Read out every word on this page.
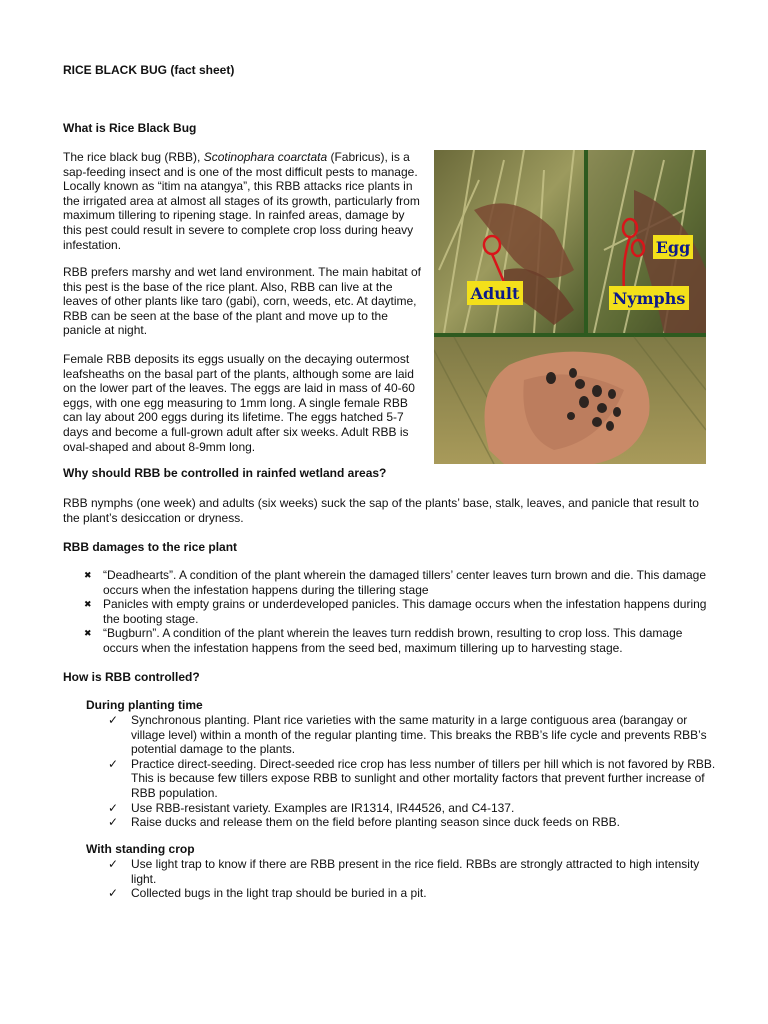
RICE BLACK BUG (fact sheet)
What is Rice Black Bug

The rice black bug (RBB), Scotinophara coarctata (Fabricus), is a sap-feeding insect and is one of the most difficult pests to manage. Locally known as “itim na atangya”, this RBB attacks rice plants in the irrigated area at almost all stages of its growth, particularly from maximum tillering to ripening stage. In rainfed areas, damage by this pest could result in severe to complete crop loss during heavy infestation.

RBB prefers marshy and wet land environment. The main habitat of this pest is the base of the rice plant. Also, RBB can live at the leaves of other plants like taro (gabi), corn, weeds, etc. At daytime, RBB can be seen at the base of the plant and move up to the panicle at night.

Female RBB deposits its eggs usually on the decaying outermost leafsheaths on the basal part of the plants, although some are laid on the lower part of the leaves. The eggs are laid in mass of 40-60 eggs, with one egg measuring to 1mm long. A single female RBB can lay about 200 eggs during its lifetime. The eggs hatched 5-7 days and become a full-grown adult after six weeks. Adult RBB is oval-shaped and about 8-9mm long.

Adult
Egg
Nymphs
Why should RBB be controlled in rainfed wetland areas?

RBB nymphs (one week) and adults (six weeks) suck the sap of the plants’ base, stalk, leaves, and panicle that result to the plant’s desiccation or dryness.

RBB damages to the rice plant
✖ “Deadhearts”. A condition of the plant wherein the damaged tillers’ center leaves turn brown and die. This damage occurs when the infestation happens during the tillering stage
✖ Panicles with empty grains or underdeveloped panicles. This damage occurs when the infestation happens during the booting stage.
✖ “Bugburn”. A condition of the plant wherein the leaves turn reddish brown, resulting to crop loss. This damage occurs when the infestation happens from the seed bed, maximum tillering up to harvesting stage.
How is RBB controlled?
During planting time
✓ Synchronous planting. Plant rice varieties with the same maturity in a large contiguous area (barangay or village level) within a month of the regular planting time. This breaks the RBB’s life cycle and prevents RBB’s potential damage to the plants.
✓ Practice direct-seeding. Direct-seeded rice crop has less number of tillers per hill which is not favored by RBB. This is because few tillers expose RBB to sunlight and other mortality factors that prevent further increase of RBB population.
✓ Use RBB-resistant variety. Examples are IR1314, IR44526, and C4-137.
✓ Raise ducks and release them on the field before planting season since duck feeds on RBB.
With standing crop
✓ Use light trap to know if there are RBB present in the rice field. RBBs are strongly attracted to high intensity light.
✓ Collected bugs in the light trap should be buried in a pit.
